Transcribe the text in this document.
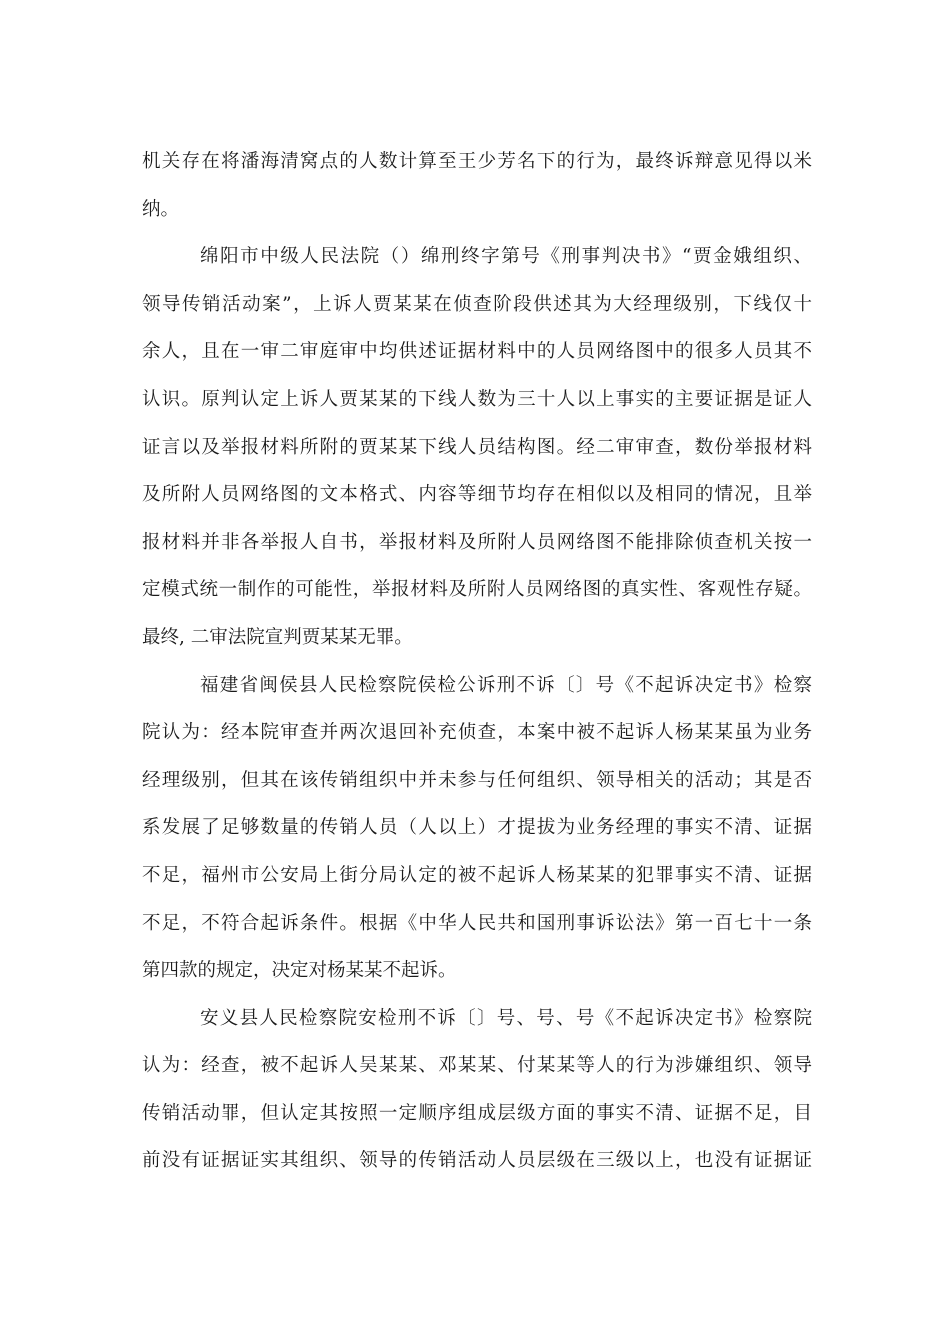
机关存在将潘海清窝点的人数计算至王少芳名下的行为，最终诉辩意见得以米
纳。
绵阳市中级人民法院（）绵刑终字第号《刑事判决书》“贾金娥组织、
领导传销活动案”，上诉人贾某某在侦查阶段供述其为大经理级别，下线仅十
余人，且在一审二审庭审中均供述证据材料中的人员网络图中的很多人员其不
认识。原判认定上诉人贾某某的下线人数为三十人以上事实的主要证据是证人
证言以及举报材料所附的贾某某下线人员结构图。经二审审查，数份举报材料
及所附人员网络图的文本格式、内容等细节均存在相似以及相同的情况，且举
报材料并非各举报人自书，举报材料及所附人员网络图不能排除侦查机关按一
定模式统一制作的可能性，举报材料及所附人员网络图的真实性、客观性存疑。
最终, 二审法院宣判贾某某无罪。
福建省闽侯县人民检察院侯检公诉刑不诉〔〕号《不起诉决定书》检察
院认为：经本院审查并两次退回补充侦查，本案中被不起诉人杨某某虽为业务
经理级别，但其在该传销组织中并未参与任何组织、领导相关的活动；其是否
系发展了足够数量的传销人员（人以上）才提拔为业务经理的事实不清、证据
不足，福州市公安局上街分局认定的被不起诉人杨某某的犯罪事实不清、证据
不足，不符合起诉条件。根据《中华人民共和国刑事诉讼法》第一百七十一条
第四款的规定，决定对杨某某不起诉。
安义县人民检察院安检刑不诉〔〕号、号、号《不起诉决定书》检察院
认为：经查，被不起诉人吴某某、邓某某、付某某等人的行为涉嫌组织、领导
传销活动罪，但认定其按照一定顺序组成层级方面的事实不清、证据不足，目
前没有证据证实其组织、领导的传销活动人员层级在三级以上，也没有证据证
